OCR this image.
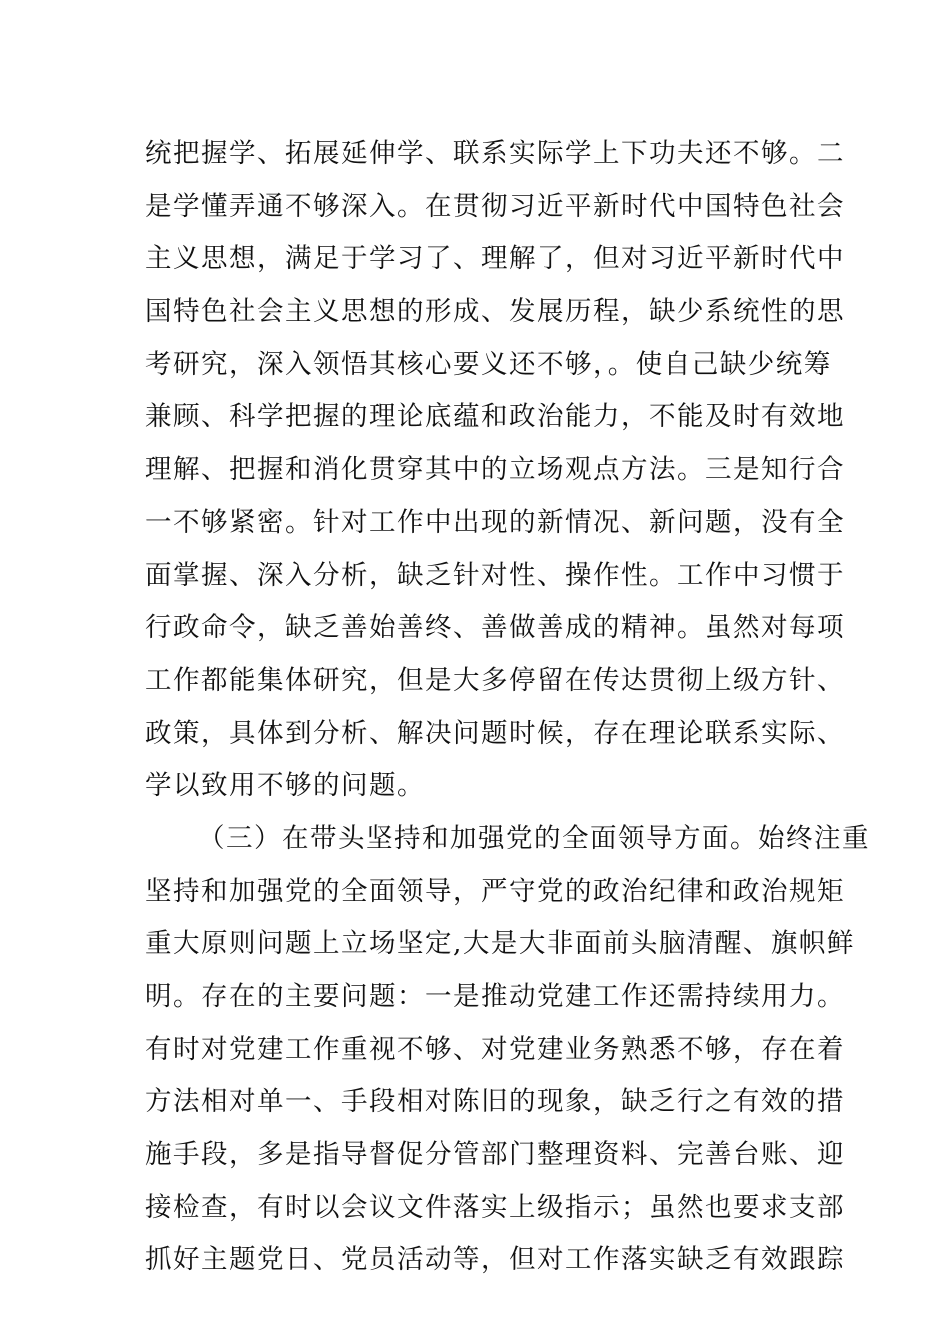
统把握学、拓展延伸学、联系实际学上下功夫还不够。二
是学懂弄通不够深入。在贯彻习近平新时代中国特色社会
主义思想，满足于学习了、理解了，但对习近平新时代中
国特色社会主义思想的形成、发展历程，缺少系统性的思
考研究，深入领悟其核心要义还不够，。使自己缺少统筹
兼顾、科学把握的理论底蕴和政治能力，不能及时有效地
理解、把握和消化贯穿其中的立场观点方法。三是知行合
一不够紧密。针对工作中出现的新情况、新问题，没有全
面掌握、深入分析，缺乏针对性、操作性。工作中习惯于
行政命令，缺乏善始善终、善做善成的精神。虽然对每项
工作都能集体研究，但是大多停留在传达贯彻上级方针、
政策，具体到分析、解决问题时候，存在理论联系实际、
学以致用不够的问题。
（三）在带头坚持和加强党的全面领导方面。始终注重
坚持和加强党的全面领导，严守党的政治纪律和政治规矩
重大原则问题上立场坚定,大是大非面前头脑清醒、旗帜鲜
明。存在的主要问题：一是推动党建工作还需持续用力。
有时对党建工作重视不够、对党建业务熟悉不够，存在着
方法相对单一、手段相对陈旧的现象，缺乏行之有效的措
施手段，多是指导督促分管部门整理资料、完善台账、迎
接检查，有时以会议文件落实上级指示；虽然也要求支部
抓好主题党日、党员活动等，但对工作落实缺乏有效跟踪
